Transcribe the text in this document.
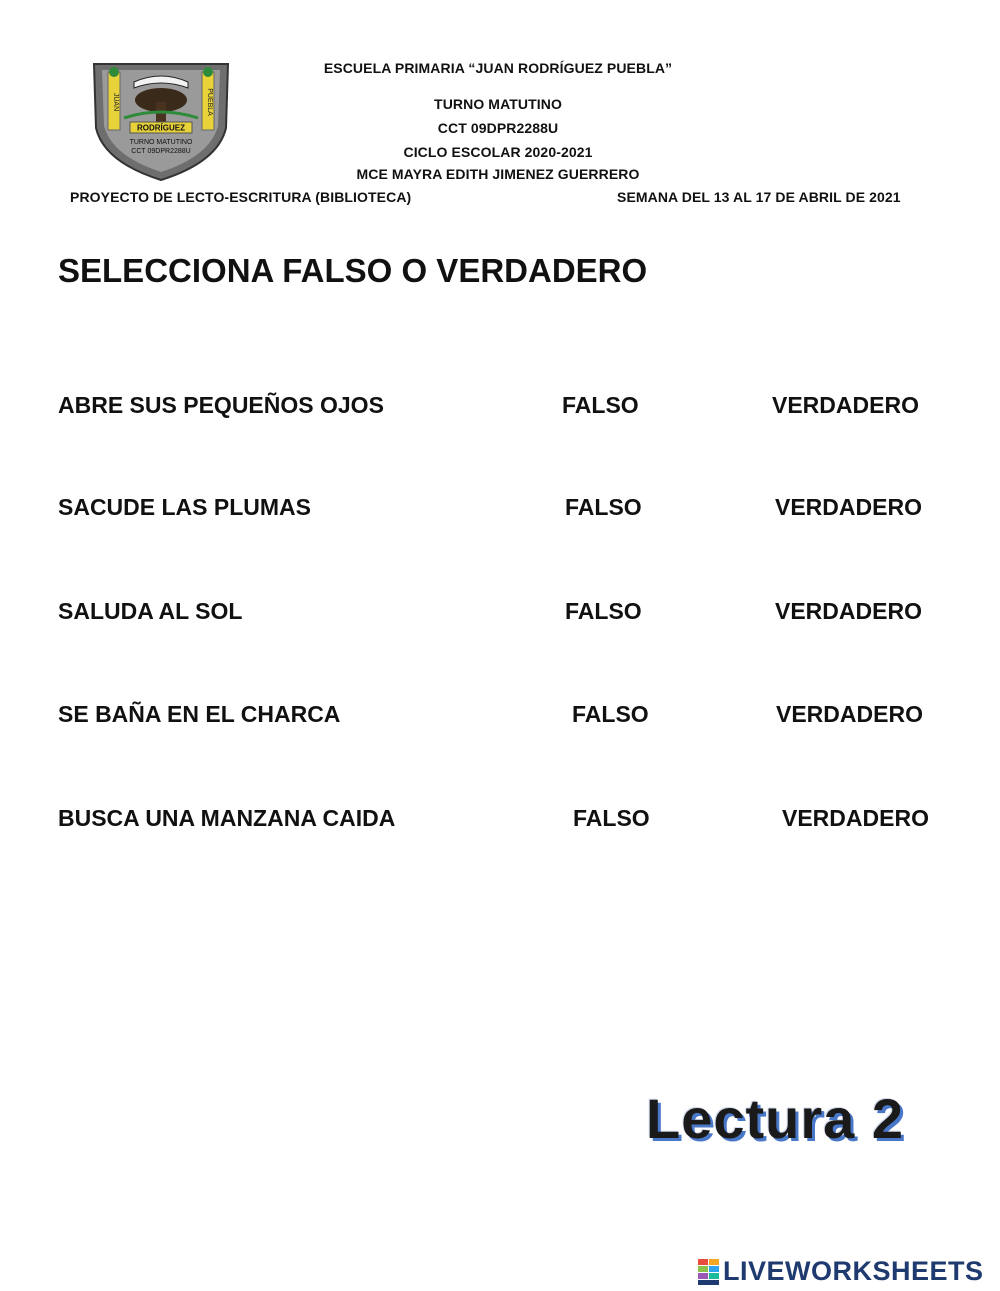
ESCUELA PRIMARIA “JUAN RODRÍGUEZ PUEBLA”
TURNO MATUTINO
CCT 09DPR2288U
CICLO ESCOLAR 2020-2021
MCE MAYRA EDITH JIMENEZ GUERRERO
PROYECTO DE LECTO-ESCRITURA (BIBLIOTECA)	SEMANA DEL 13 AL 17 DE ABRIL DE 2021
JUAN	PUEBLA
RODRÍGUEZ
TURNO MATUTINO
CCT 09DPR2288U
SELECCIONA FALSO O VERDADERO
ABRE SUS PEQUEÑOS OJOS	FALSO	VERDADERO
SACUDE LAS PLUMAS	FALSO	VERDADERO
SALUDA AL SOL	FALSO	VERDADERO
SE BAÑA EN EL CHARCA	FALSO	VERDADERO
BUSCA UNA MANZANA CAIDA	FALSO	VERDADERO
Lectura 2
LIVEWORKSHEETS
